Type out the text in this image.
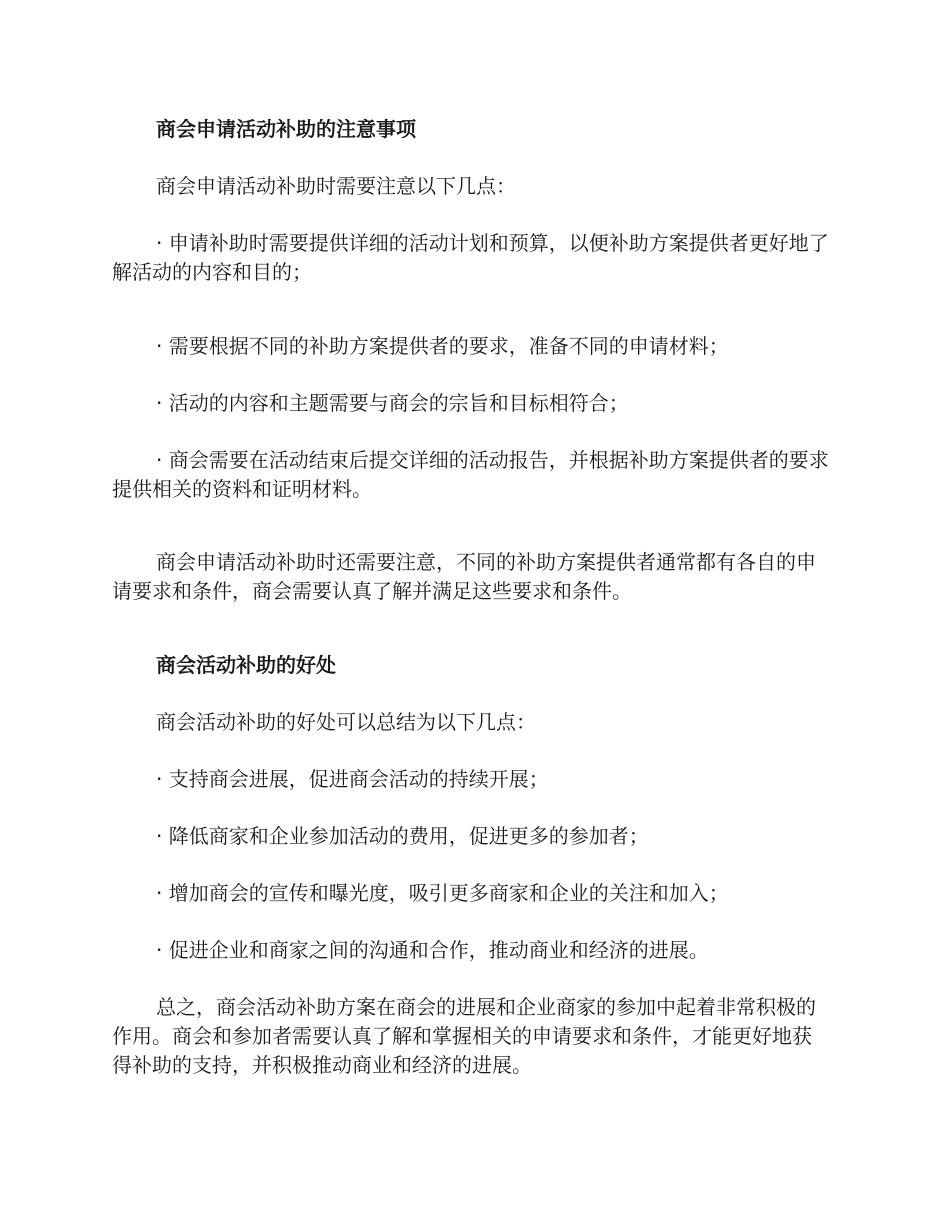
商会申请活动补助的注意事项

商会申请活动补助时需要注意以下几点：

· 申请补助时需要提供详细的活动计划和预算，以便补助方案提供者更好地了解活动的内容和目的；

· 需要根据不同的补助方案提供者的要求，准备不同的申请材料；

· 活动的内容和主题需要与商会的宗旨和目标相符合；

· 商会需要在活动结束后提交详细的活动报告，并根据补助方案提供者的要求提供相关的资料和证明材料。

商会申请活动补助时还需要注意，不同的补助方案提供者通常都有各自的申请要求和条件，商会需要认真了解并满足这些要求和条件。

商会活动补助的好处

商会活动补助的好处可以总结为以下几点：

· 支持商会进展，促进商会活动的持续开展；

· 降低商家和企业参加活动的费用，促进更多的参加者；

· 增加商会的宣传和曝光度，吸引更多商家和企业的关注和加入；

· 促进企业和商家之间的沟通和合作，推动商业和经济的进展。

总之，商会活动补助方案在商会的进展和企业商家的参加中起着非常积极的作用。商会和参加者需要认真了解和掌握相关的申请要求和条件，才能更好地获得补助的支持，并积极推动商业和经济的进展。
